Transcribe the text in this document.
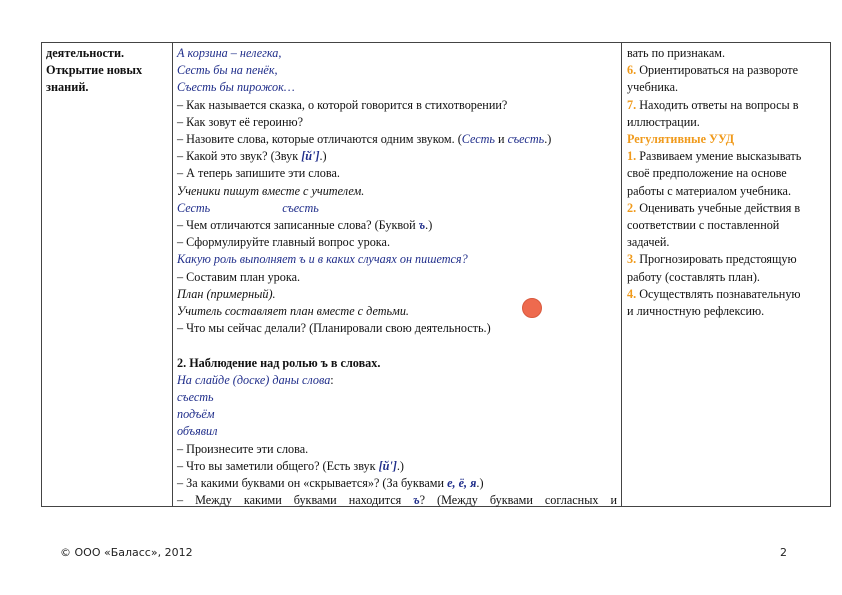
деятельности.
Открытие новых
знаний.
А корзина – нелегка,
Сесть бы на пенёк,
Съесть бы пирожок…
– Как называется сказка, о которой говорится в стихотворении?
– Как зовут её героиню?
– Назовите слова, которые отличаются одним звуком. (Сесть и съесть.)
– Какой это звук? (Звук [й'].)
– А теперь запишите эти слова.
Ученики пишут вместе с учителем.
Сесть	съесть
– Чем отличаются записанные слова? (Буквой ъ.)
– Сформулируйте главный вопрос урока.
Какую роль выполняет ъ и в каких случаях он пишется?
– Составим план урока.
План (примерный).
Учитель составляет план вместе с детьми.
– Что мы сейчас делали? (Планировали свою деятельность.)
2. Наблюдение над ролью ъ в словах.
На слайде (доске) даны слова:
съесть
подъём
объявил
– Произнесите эти слова.
– Что вы заметили общего? (Есть звук [й'].)
– За какими буквами он «скрывается»? (За буквами е, ё, я.)
– Между какими буквами находится ъ? (Между буквами согласных и
вать по признакам.
6. Ориентироваться на развороте
учебника.
7. Находить ответы на вопросы в
иллюстрации.
Регулятивные УУД
1. Развиваем умение высказывать
своё предположение на основе
работы с материалом учебника.
2. Оценивать учебные действия в
соответствии с поставленной
задачей.
3. Прогнозировать предстоящую
работу (составлять план).
4. Осуществлять познавательную
и личностную рефлексию.
© ООО «Баласс», 2012	2
